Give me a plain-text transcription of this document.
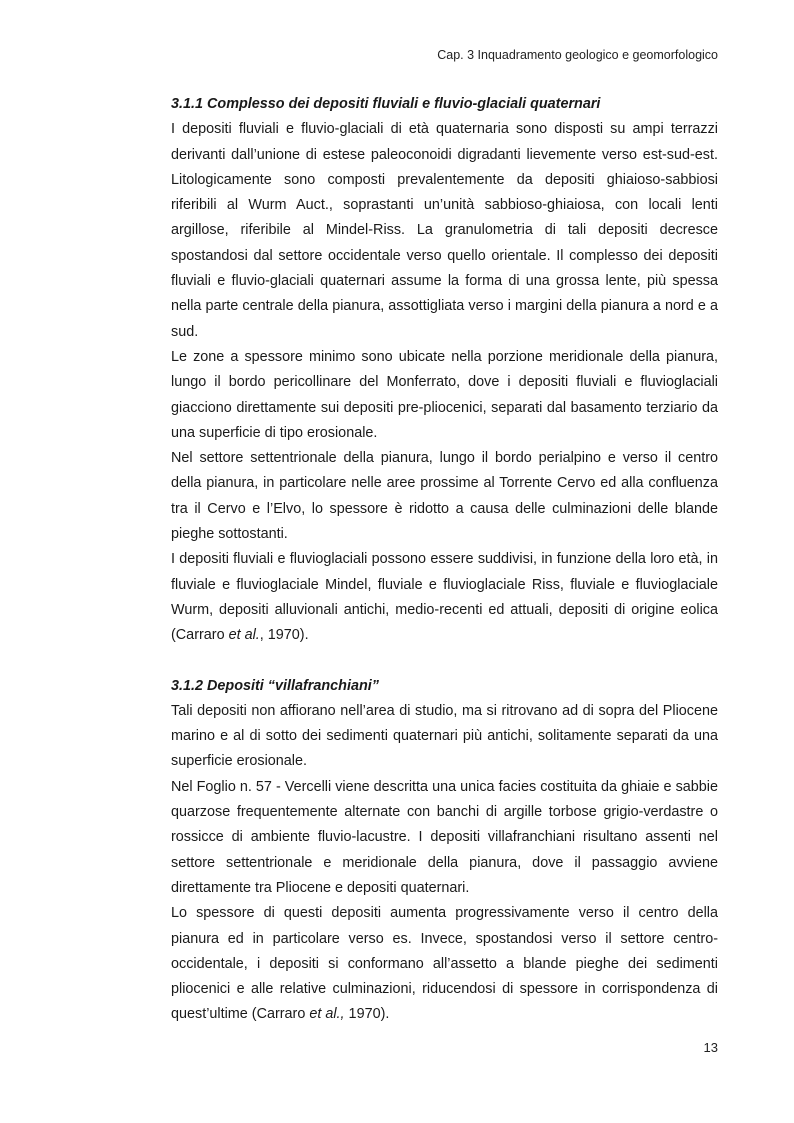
Cap. 3 Inquadramento geologico e geomorfologico
3.1.1 Complesso dei depositi fluviali e fluvio-glaciali quaternari

I depositi fluviali e fluvio-glaciali di età quaternaria sono disposti su ampi terrazzi derivanti dall’unione di estese paleoconoidi digradanti lievemente verso est-sud-est. Litologicamente sono composti prevalentemente da depositi ghiaioso-sabbiosi riferibili al Wurm Auct., soprastanti un’unità sabbioso-ghiaiosa, con locali lenti argillose, riferibile al Mindel-Riss. La granulometria di tali depositi decresce spostandosi dal settore occidentale verso quello orientale. Il complesso dei depositi fluviali e fluvio-glaciali quaternari assume la forma di una grossa lente, più spessa nella parte centrale della pianura, assottigliata verso i margini della pianura a nord e a sud.

Le zone a spessore minimo sono ubicate nella porzione meridionale della pianura, lungo il bordo pericollinare del Monferrato, dove i depositi fluviali e fluvioglaciali giacciono direttamente sui depositi pre-pliocenici, separati dal basamento terziario da una superficie di tipo erosionale.

Nel settore settentrionale della pianura, lungo il bordo perialpino e verso il centro della pianura, in particolare nelle aree prossime al Torrente Cervo ed alla confluenza tra il Cervo e l’Elvo, lo spessore è ridotto a causa delle culminazioni delle blande pieghe sottostanti.

I depositi fluviali e fluvioglaciali possono essere suddivisi, in funzione della loro età, in fluviale e fluvioglaciale Mindel, fluviale e fluvioglaciale Riss, fluviale e fluvioglaciale Wurm, depositi alluvionali antichi, medio-recenti ed attuali, depositi di origine eolica (Carraro et al., 1970).

3.1.2 Depositi “villafranchiani”

Tali depositi non affiorano nell’area di studio, ma si ritrovano ad di sopra del Pliocene marino e al di sotto dei sedimenti quaternari più antichi, solitamente separati da una superficie erosionale.

Nel Foglio n. 57 - Vercelli viene descritta una unica facies costituita da ghiaie e sabbie quarzose frequentemente alternate con banchi di argille torbose grigio-verdastre o rossicce di ambiente fluvio-lacustre. I depositi villafranchiani risultano assenti nel settore settentrionale e meridionale della pianura, dove il passaggio avviene direttamente tra Pliocene e depositi quaternari.

Lo spessore di questi depositi aumenta progressivamente verso il centro della pianura ed in particolare verso es. Invece, spostandosi verso il settore centro-occidentale, i depositi si conformano all’assetto a blande pieghe dei sedimenti pliocenici e alle relative culminazioni, riducendosi di spessore in corrispondenza di quest’ultime (Carraro et al., 1970).

13
